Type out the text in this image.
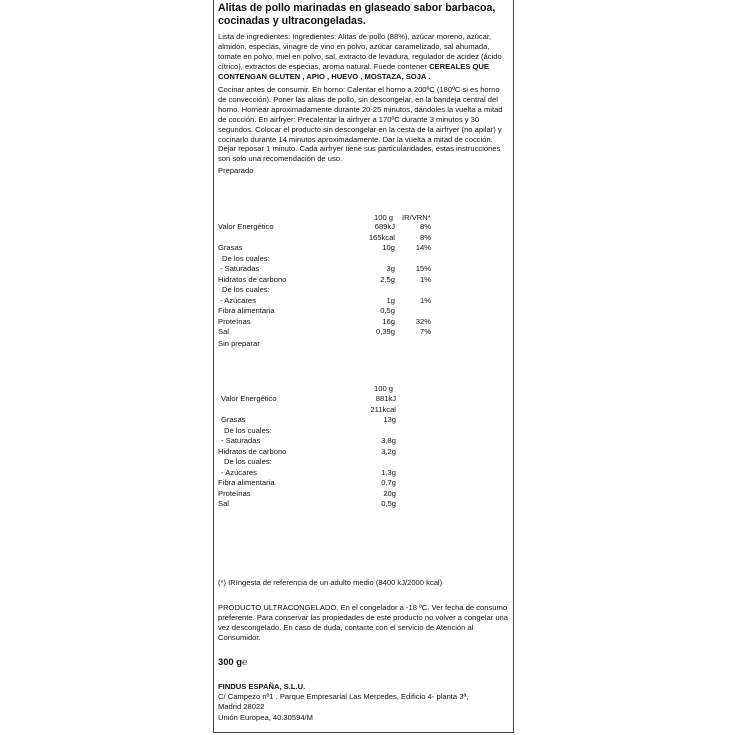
Alitas de pollo marinadas en glaseado sabor barbacoa, cocinadas y ultracongeladas.
Lista de ingredientes: Ingredientes: Alitas de pollo (88%), azúcar moreno, azúcar, almidón, especias, vinagre de vino en polvo, azúcar caramelizado, sal ahumada, tomate en polvo, miel en polvo, sal, extracto de levadura, regulador de acidez (ácido cítrico), extractos de especias, aroma natural. Fuede contener CEREALES QUE CONTENGAN GLUTEN , APIO , HUEVO , MOSTAZA, SOJA .
Cocinar antes de consumir. En horno: Calentar el horno a 200ºC (180ºC si es horno de convección). Poner las alitas de pollo, sin descongelar, en la bandeja central del horno. Hornear aproximadamente durante 20-25 minutos, dándoles la vuelta a mitad de cocción. En airfryer: Precalentar la airfryer a 170ºC durante 3 minutos y 30 segundos. Colocar el producto sin descongelar en la cesta de la airfryer (no apilar) y cocinarlo durante 14 minutos aproximadamente. Dar la vuelta a mitad de cocción. Dejar reposar 1 minuto. Cada airfryer tiene sus particularidades, estas instrucciones son solo una recomendación de uso.
Preparado
100 g IR/VRN*
Valor Energético	689kJ	8%
165kcal	8%
Grasas	10g	14%
De los cuales:
- Saturadas	3g	15%
Hidratos de carbono	2,5g	1%
De los cuales:
- Azúcares	1g	1%
Fibra alimentaria	0,5g
Proteínas	16g	32%
Sal	0,39g	7%
Sin preparar
100 g
Valor Energético	881kJ
211kcal
Grasas	13g
De los cuales:
- Saturadas	3,8g
Hidratos de carbono	3,2g
De los cuales:
- Azúcares	1,3g
Fibra alimentaria	0,7g
Proteínas	20g
Sal	0,5g
(*) IRIngesta de referencia de un adulto medio (8400 kJ/2000 kcal)
PRODUCTO ULTRACONGELADO. En el congelador a -18 ºC. Ver fecha de consumo preferente. Para conservar las propiedades de este producto no volver a congelar una vez descongelado. En caso de duda, contacte con el servicio de Atención al Consumidor.
300 g℮
FINDUS ESPAÑA, S.L.U.
C/ Campezo nº1 . Parque Empresarial Las Mercedes, Edificio 4- planta 3ª,
Madrid 28022
Unión Europea, 40.30594/M
